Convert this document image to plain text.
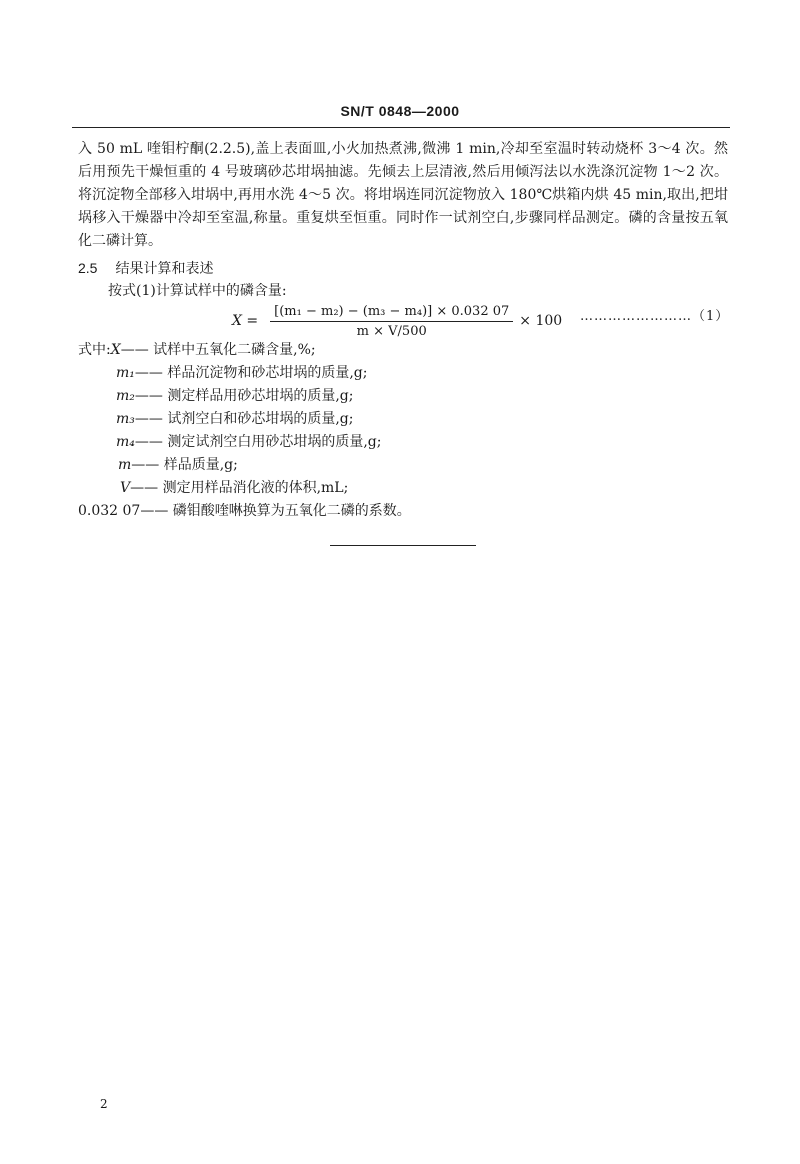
SN/T 0848—2000
入 50 mL 喹钼柠酮(2.2.5),盖上表面皿,小火加热煮沸,微沸 1 min,冷却至室温时转动烧杯 3～4 次。然后用预先干燥恒重的 4 号玻璃砂芯坩埚抽滤。先倾去上层清液,然后用倾泻法以水洗涤沉淀物 1～2 次。将沉淀物全部移入坩埚中,再用水洗 4～5 次。将坩埚连同沉淀物放入 180℃烘箱内烘 45 min,取出,把坩埚移入干燥器中冷却至室温,称量。重复烘至恒重。同时作一试剂空白,步骤同样品测定。磷的含量按五氧化二磷计算。
2.5 结果计算和表述
按式(1)计算试样中的磷含量:
$X = \frac{\text{[(m₁ − m₂) − (m₃ − m₄)] × 0.032 07}}{m \times V/500} \times 100$ ……………………（1）
式中:X—— 试样中五氧化二磷含量,%;
m₁—— 样品沉淀物和砂芯坩埚的质量,g;
m₂—— 测定样品用砂芯坩埚的质量,g;
m₃—— 试剂空白和砂芯坩埚的质量,g;
m₄—— 测定试剂空白用砂芯坩埚的质量,g;
m—— 样品质量,g;
V—— 测定用样品消化液的体积,mL;
0.032 07—— 磷钼酸喹啉换算为五氧化二磷的系数。
2
